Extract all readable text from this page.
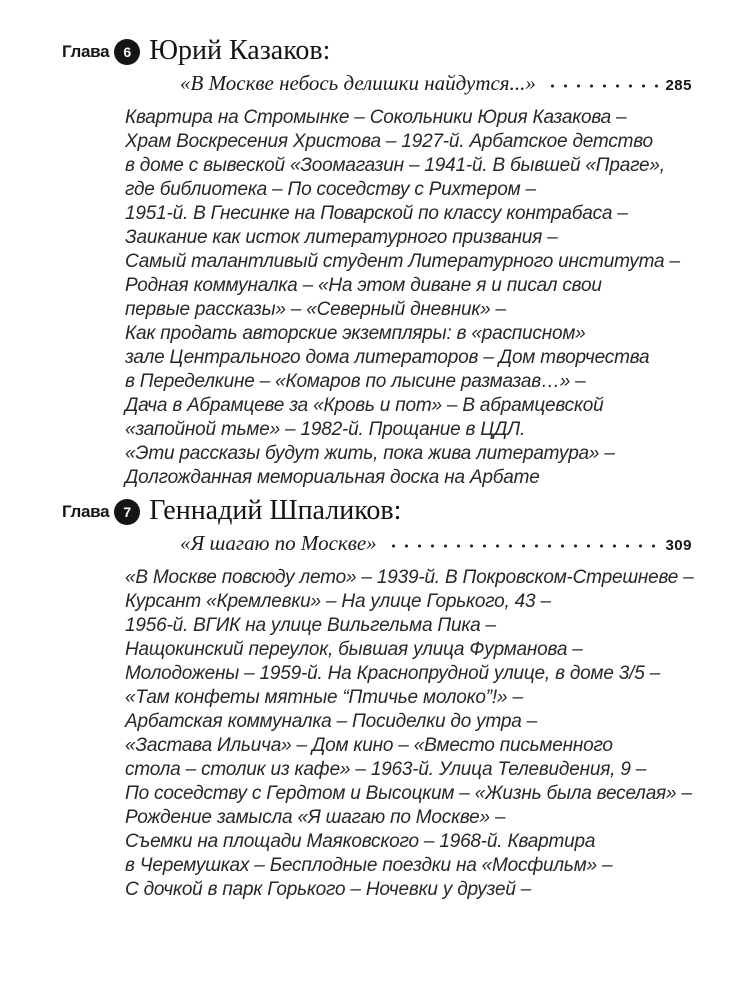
Глава 6 Юрий Казаков:
«В Москве небось делишки найдутся...»	285
Квартира на Стромынке – Сокольники Юрия Казакова –
Храм Воскресения Христова – 1927-й. Арбатское детство
в доме с вывеской «Зоомагазин – 1941-й. В бывшей «Праге»,
где библиотека – По соседству с Рихтером –
1951-й. В Гнесинке на Поварской по классу контрабаса –
Заикание как исток литературного призвания –
Самый талантливый студент Литературного института –
Родная коммуналка – «На этом диване я и писал свои
первые рассказы» – «Северный дневник» –
Как продать авторские экземпляры: в «расписном»
зале Центрального дома литераторов – Дом творчества
в Переделкине – «Комаров по лысине размазав…» –
Дача в Абрамцеве за «Кровь и пот» – В абрамцевской
«запойной тьме» – 1982-й. Прощание в ЦДЛ.
«Эти рассказы будут жить, пока жива литература» –
Долгожданная мемориальная доска на Арбате
Глава 7 Геннадий Шпаликов:
«Я шагаю по Москве»	309
«В Москве повсюду лето» – 1939-й. В Покровском-Стрешневе –
Курсант «Кремлевки» – На улице Горького, 43 –
1956-й. ВГИК на улице Вильгельма Пика –
Нащокинский переулок, бывшая улица Фурманова –
Молодожены – 1959-й. На Краснопрудной улице, в доме 3/5 –
«Там конфеты мятные “Птичье молоко”!» –
Арбатская коммуналка – Посиделки до утра –
«Застава Ильича» – Дом кино – «Вместо письменного
стола – столик из кафе» – 1963-й. Улица Телевидения, 9 –
По соседству с Гердтом и Высоцким – «Жизнь была веселая» –
Рождение замысла «Я шагаю по Москве» –
Съемки на площади Маяковского – 1968-й. Квартира
в Черемушках – Бесплодные поездки на «Мосфильм» –
С дочкой в парк Горького – Ночевки у друзей –
